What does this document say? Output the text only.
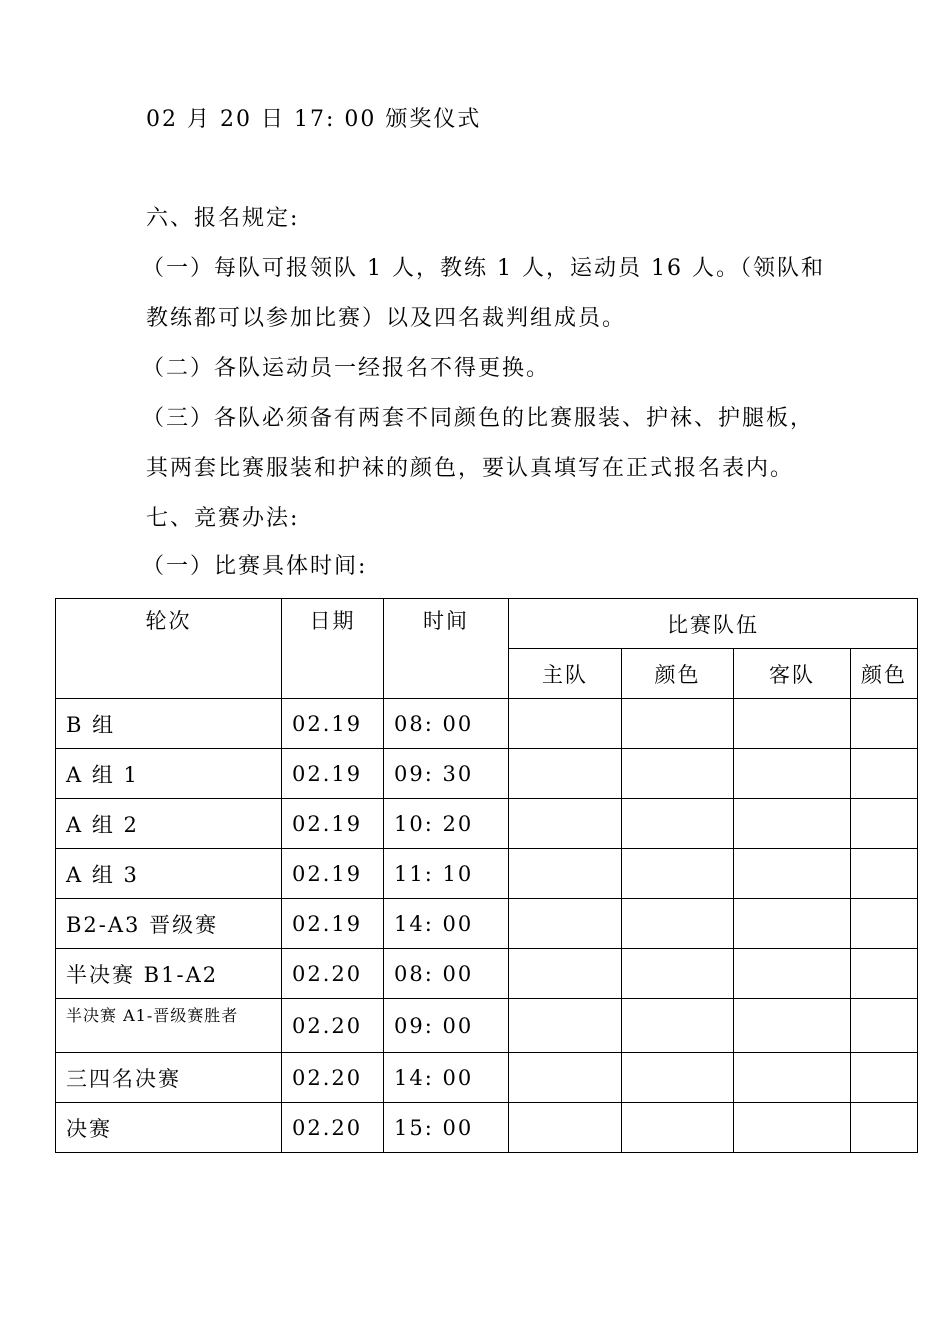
02 月 20 日 17: 00 颁奖仪式
六、报名规定:
（一）每队可报领队 1 人，教练 1 人，运动员 16 人。（领队和
教练都可以参加比赛）以及四名裁判组成员。
（二）各队运动员一经报名不得更换。
（三）各队必须备有两套不同颜色的比赛服装、护袜、护腿板，
其两套比赛服装和护袜的颜色，要认真填写在正式报名表内。
七、竞赛办法:
（一）比赛具体时间:
轮次	日期	时间	比赛队伍			
			主队	颜色	客队	颜色
B 组	02.19	08: 00				
A 组 1	02.19	09: 30				
A 组 2	02.19	10: 20				
A 组 3	02.19	11: 10				
B2-A3 晋级赛	02.19	14: 00				
半决赛 B1-A2	02.20	08: 00				
半决赛 A1-晋级赛胜者	02.20	09: 00				
三四名决赛	02.20	14: 00				
决赛	02.20	15: 00				
